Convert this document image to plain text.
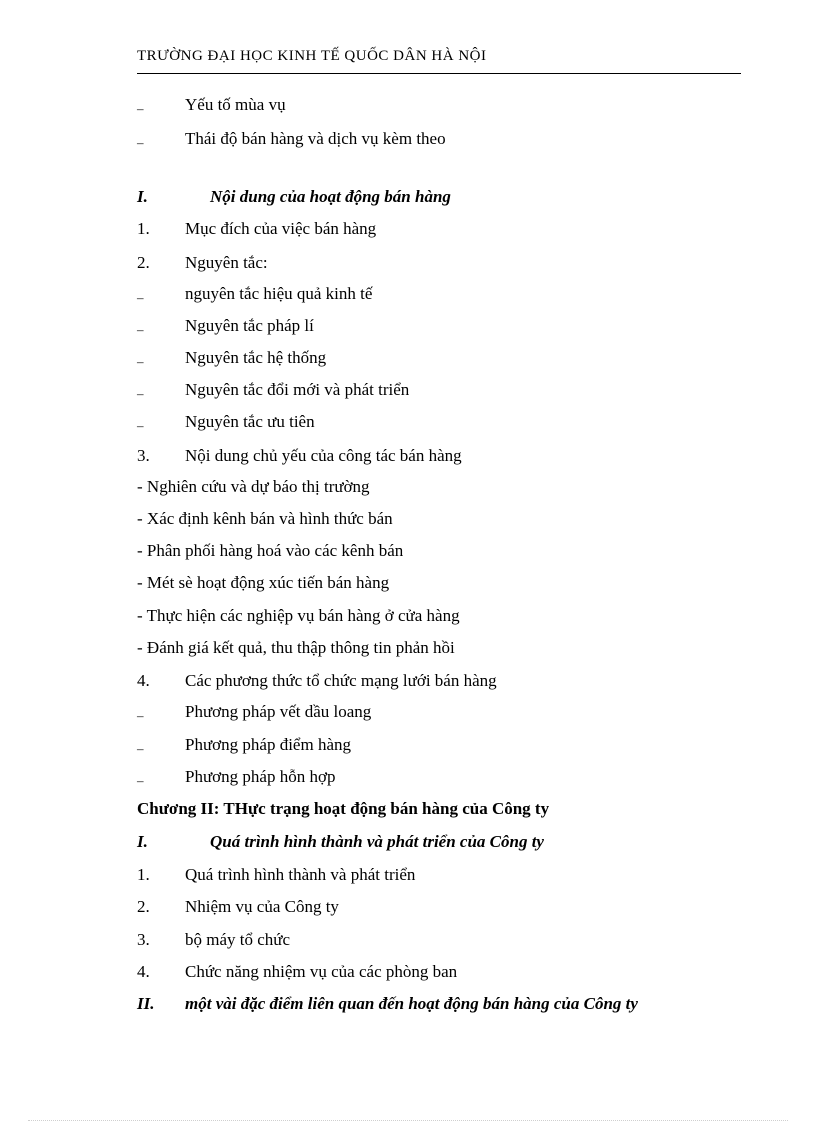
TRƯỜNG ĐẠI HỌC KINH TẾ QUỐC DÂN HÀ NỘI
– Yếu tố mùa vụ
– Thái độ bán hàng và dịch vụ kèm theo
I.	Nội dung của hoạt động bán hàng
1. Mục đích của việc bán hàng
2. Nguyên tắc:
– nguyên tắc hiệu quả kinh tế
– Nguyên tắc pháp lí
– Nguyên tắc hệ thống
– Nguyên tắc đổi mới và phát triển
– Nguyên tắc ưu tiên
3. Nội dung chủ yếu của công tác bán hàng
- Nghiên cứu và dự báo thị trường
- Xác định kênh bán và hình thức bán
- Phân phối hàng hoá vào các kênh bán
- Mét sè hoạt động xúc tiến bán hàng
- Thực hiện các nghiệp vụ bán hàng ở cửa hàng
- Đánh giá kết quả, thu thập thông tin phản hồi
4. Các phương thức tổ chức mạng lưới bán hàng
– Phương pháp vết dầu loang
– Phương pháp điểm hàng
– Phương pháp hỗn hợp
Chương II: THực trạng hoạt động bán hàng của Công ty
I.	Quá trình hình thành và phát triển của Công ty
1. Quá trình hình thành và phát triển
2. Nhiệm vụ của Công ty
3. bộ máy tổ chức
4. Chức năng nhiệm vụ của các phòng ban
II. một vài đặc điểm liên quan đến hoạt động bán hàng của Công ty
